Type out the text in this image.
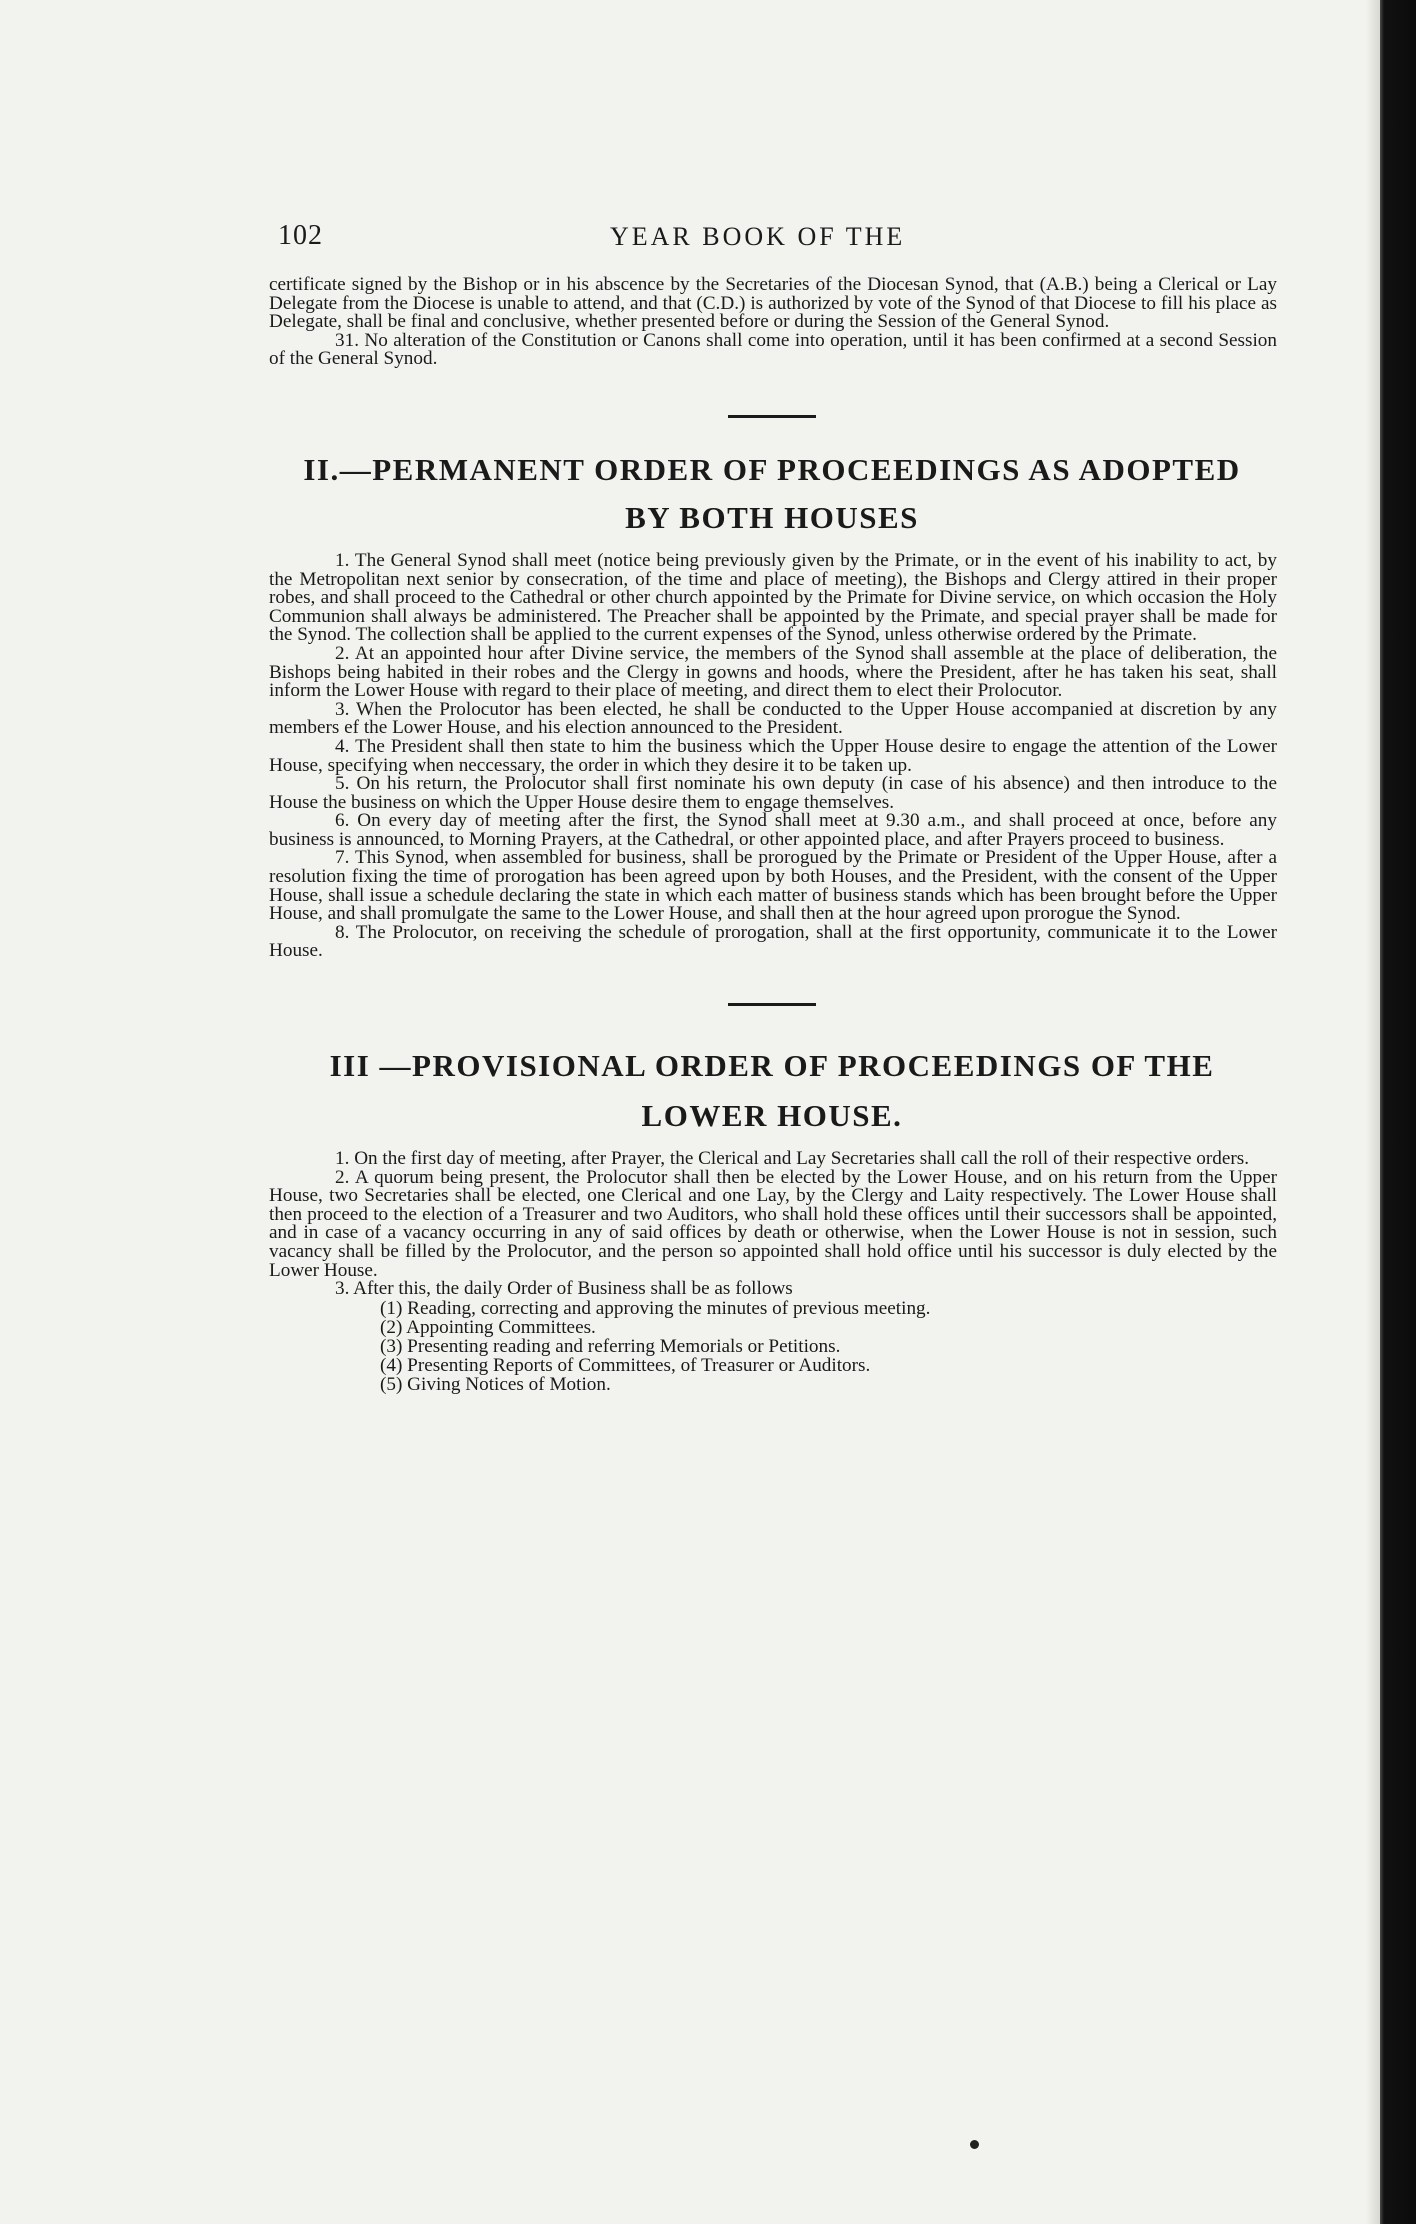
102	YEAR BOOK OF THE

certificate signed by the Bishop or in his abscence by the Secretaries of the Diocesan Synod, that (A.B.) being a Clerical or Lay Delegate from the Diocese is unable to attend, and that (C.D.) is authorized by vote of the Synod of that Diocese to fill his place as Delegate, shall be final and conclusive, whether presented before or during the Session of the General Synod.

31. No alteration of the Constitution or Canons shall come into operation, until it has been confirmed at a second Session of the General Synod.

II.—PERMANENT ORDER OF PROCEEDINGS AS ADOPTED
BY BOTH HOUSES

1. The General Synod shall meet (notice being previously given by the Primate, or in the event of his inability to act, by the Metropolitan next senior by consecration, of the time and place of meeting), the Bishops and Clergy attired in their proper robes, and shall proceed to the Cathedral or other church appointed by the Primate for Divine service, on which occasion the Holy Communion shall always be administered. The Preacher shall be appointed by the Primate, and special prayer shall be made for the Synod. The collection shall be applied to the current expenses of the Synod, unless otherwise ordered by the Primate.

2. At an appointed hour after Divine service, the members of the Synod shall assemble at the place of deliberation, the Bishops being habited in their robes and the Clergy in gowns and hoods, where the President, after he has taken his seat, shall inform the Lower House with regard to their place of meeting, and direct them to elect their Prolocutor.

3. When the Prolocutor has been elected, he shall be conducted to the Upper House accompanied at discretion by any members ef the Lower House, and his election announced to the President.

4. The President shall then state to him the business which the Upper House desire to engage the attention of the Lower House, specifying when neccessary, the order in which they desire it to be taken up.

5. On his return, the Prolocutor shall first nominate his own deputy (in case of his absence) and then introduce to the House the business on which the Upper House desire them to engage themselves.

6. On every day of meeting after the first, the Synod shall meet at 9.30 a.m., and shall proceed at once, before any business is announced, to Morning Prayers, at the Cathedral, or other appointed place, and after Prayers proceed to business.

7. This Synod, when assembled for business, shall be prorogued by the Primate or President of the Upper House, after a resolution fixing the time of prorogation has been agreed upon by both Houses, and the President, with the consent of the Upper House, shall issue a schedule declaring the state in which each matter of business stands which has been brought before the Upper House, and shall promulgate the same to the Lower House, and shall then at the hour agreed upon prorogue the Synod.

8. The Prolocutor, on receiving the schedule of prorogation, shall at the first opportunity, communicate it to the Lower House.

III —PROVISIONAL ORDER OF PROCEEDINGS OF THE
LOWER HOUSE.

1. On the first day of meeting, after Prayer, the Clerical and Lay Secretaries shall call the roll of their respective orders.

2. A quorum being present, the Prolocutor shall then be elected by the Lower House, and on his return from the Upper House, two Secretaries shall be elected, one Clerical and one Lay, by the Clergy and Laity respectively. The Lower House shall then proceed to the election of a Treasurer and two Auditors, who shall hold these offices until their successors shall be appointed, and in case of a vacancy occurring in any of said offices by death or otherwise, when the Lower House is not in session, such vacancy shall be filled by the Prolocutor, and the person so appointed shall hold office until his successor is duly elected by the Lower House.

3. After this, the daily Order of Business shall be as follows

(1) Reading, correcting and approving the minutes of previous meeting.
(2) Appointing Committees.
(3) Presenting reading and referring Memorials or Petitions.
(4) Presenting Reports of Committees, of Treasurer or Auditors.
(5) Giving Notices of Motion.
